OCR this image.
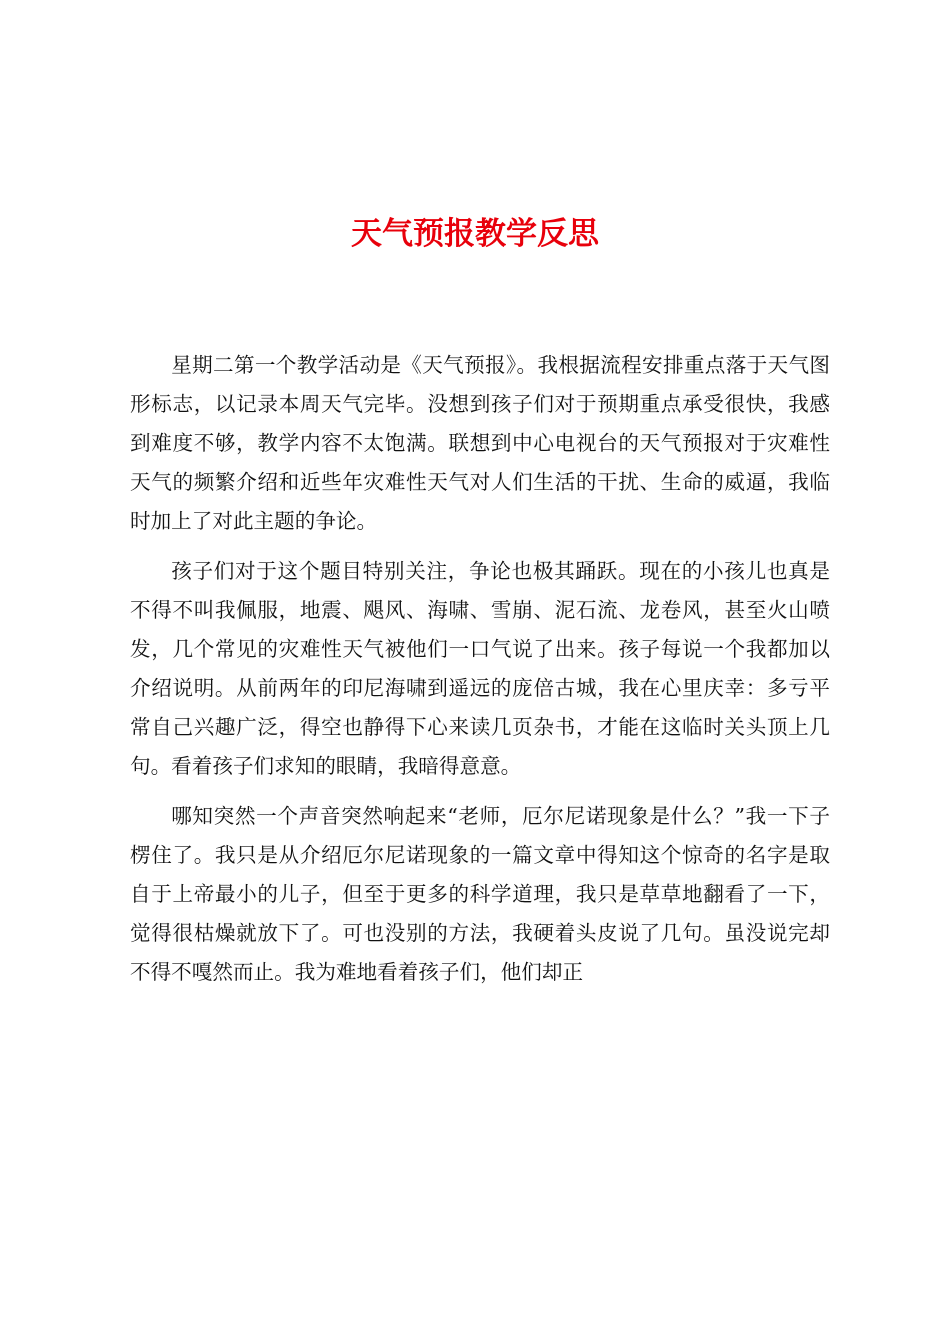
天气预报教学反思

星期二第一个教学活动是《天气预报》。我根据流程安排重点落于天气图形标志，以记录本周天气完毕。没想到孩子们对于预期重点承受很快，我感到难度不够，教学内容不太饱满。联想到中心电视台的天气预报对于灾难性天气的频繁介绍和近些年灾难性天气对人们生活的干扰、生命的威逼，我临时加上了对此主题的争论。

孩子们对于这个题目特别关注，争论也极其踊跃。现在的小孩儿也真是不得不叫我佩服，地震、飓风、海啸、雪崩、泥石流、龙卷风，甚至火山喷发，几个常见的灾难性天气被他们一口气说了出来。孩子每说一个我都加以介绍说明。从前两年的印尼海啸到遥远的庞倍古城，我在心里庆幸：多亏平常自己兴趣广泛，得空也静得下心来读几页杂书，才能在这临时关头顶上几句。看着孩子们求知的眼睛，我暗得意意。

哪知突然一个声音突然响起来“老师，厄尔尼诺现象是什么？”我一下子楞住了。我只是从介绍厄尔尼诺现象的一篇文章中得知这个惊奇的名字是取自于上帝最小的儿子，但至于更多的科学道理，我只是草草地翻看了一下，觉得很枯燥就放下了。可也没别的方法，我硬着头皮说了几句。虽没说完却不得不嘎然而止。我为难地看着孩子们，他们却正
